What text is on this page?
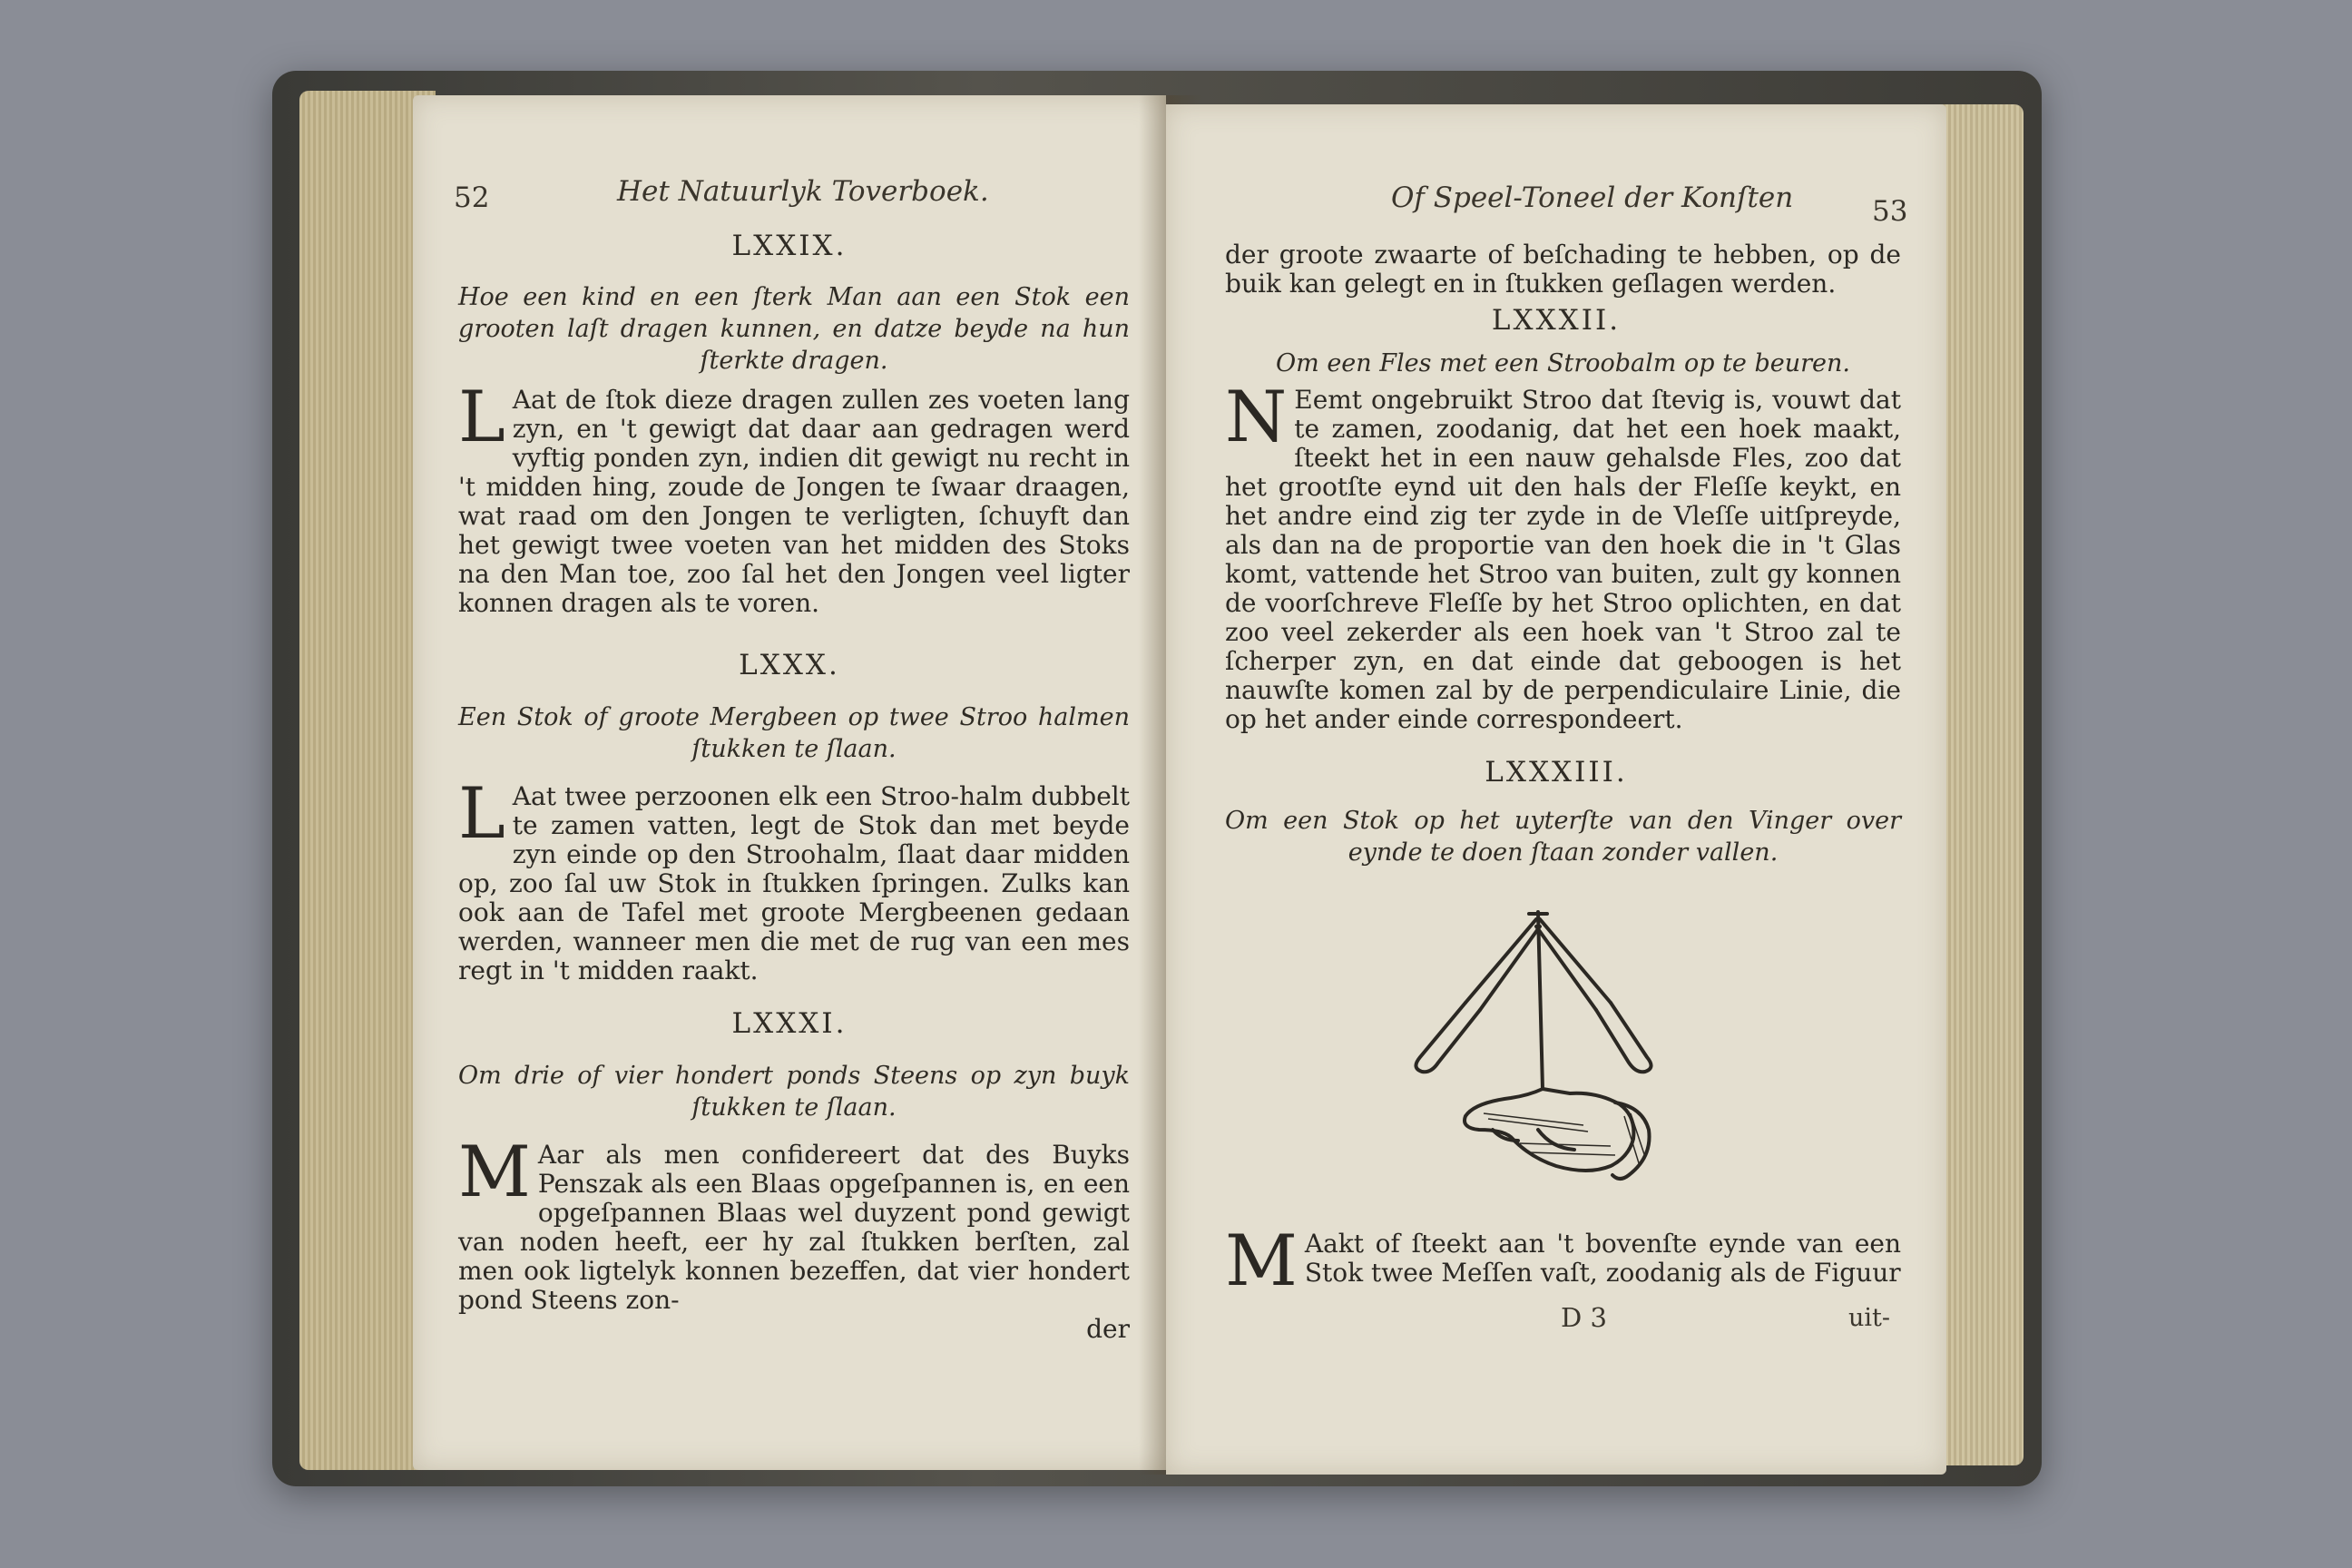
52	Het Natuurlyk Toverboek.
LXXIX.
Hoe een kind en een ſterk Man aan een Stok een grooten laſt dragen kunnen, en datze beyde na hun ſterkte dragen.
L Aat de ſtok dieze dragen zullen zes voeten lang zyn, en 't gewigt dat daar aan gedragen werd vyftig ponden zyn, indien dit gewigt nu recht in 't midden hing, zoude de Jongen te ſwaar draagen, wat raad om den Jongen te verligten, ſchuyft dan het gewigt twee voeten van het midden des Stoks na den Man toe, zoo ſal het den Jongen veel ligter konnen dragen als te voren.
LXXX.
Een Stok of groote Mergbeen op twee Stroo halmen ſtukken te ſlaan.
L Aat twee perzoonen elk een Stroo-halm dubbelt te zamen vatten, legt de Stok dan met beyde zyn einde op den Stroohalm, ſlaat daar midden op, zoo ſal uw Stok in ſtukken ſpringen. Zulks kan ook aan de Tafel met groote Mergbeenen gedaan werden, wanneer men die met de rug van een mes regt in 't midden raakt.
LXXXI.
Om drie of vier hondert ponds Steens op zyn buyk ſtukken te ſlaan.
M Aar als men confidereert dat des Buyks Penszak als een Blaas opgeſpannen is, en een opgeſpannen Blaas wel duyzent pond gewigt van noden heeft, eer hy zal ſtukken berſten, zal men ook ligtelyk konnen bezeffen, dat vier hondert pond Steens zon-
der
Of Speel-Toneel der Konſten	53
der groote zwaarte of beſchading te hebben, op de buik kan gelegt en in ſtukken geſlagen werden.
LXXXII.
Om een Fles met een Stroobalm op te beuren.
N Eemt ongebruikt Stroo dat ſtevig is, vouwt dat te zamen, zoodanig, dat het een hoek maakt, ſteekt het in een nauw gehalsde Fles, zoo dat het grootſte eynd uit den hals der Fleſſe keykt, en het andre eind zig ter zyde in de Vleſſe uitſpreyde, als dan na de proportie van den hoek die in 't Glas komt, vattende het Stroo van buiten, zult gy konnen de voorſchreve Fleſſe by het Stroo oplichten, en dat zoo veel zekerder als een hoek van 't Stroo zal te ſcherper zyn, en dat einde dat geboogen is het nauwſte komen zal by de perpendiculaire Linie, die op het ander einde correspondeert.
LXXXIII.
Om een Stok op het uyterſte van den Vinger over eynde te doen ſtaan zonder vallen.
M Aakt of ſteekt aan 't bovenſte eynde van een Stok twee Meſſen vaſt, zoodanig als de Figuur
D 3	uit-
